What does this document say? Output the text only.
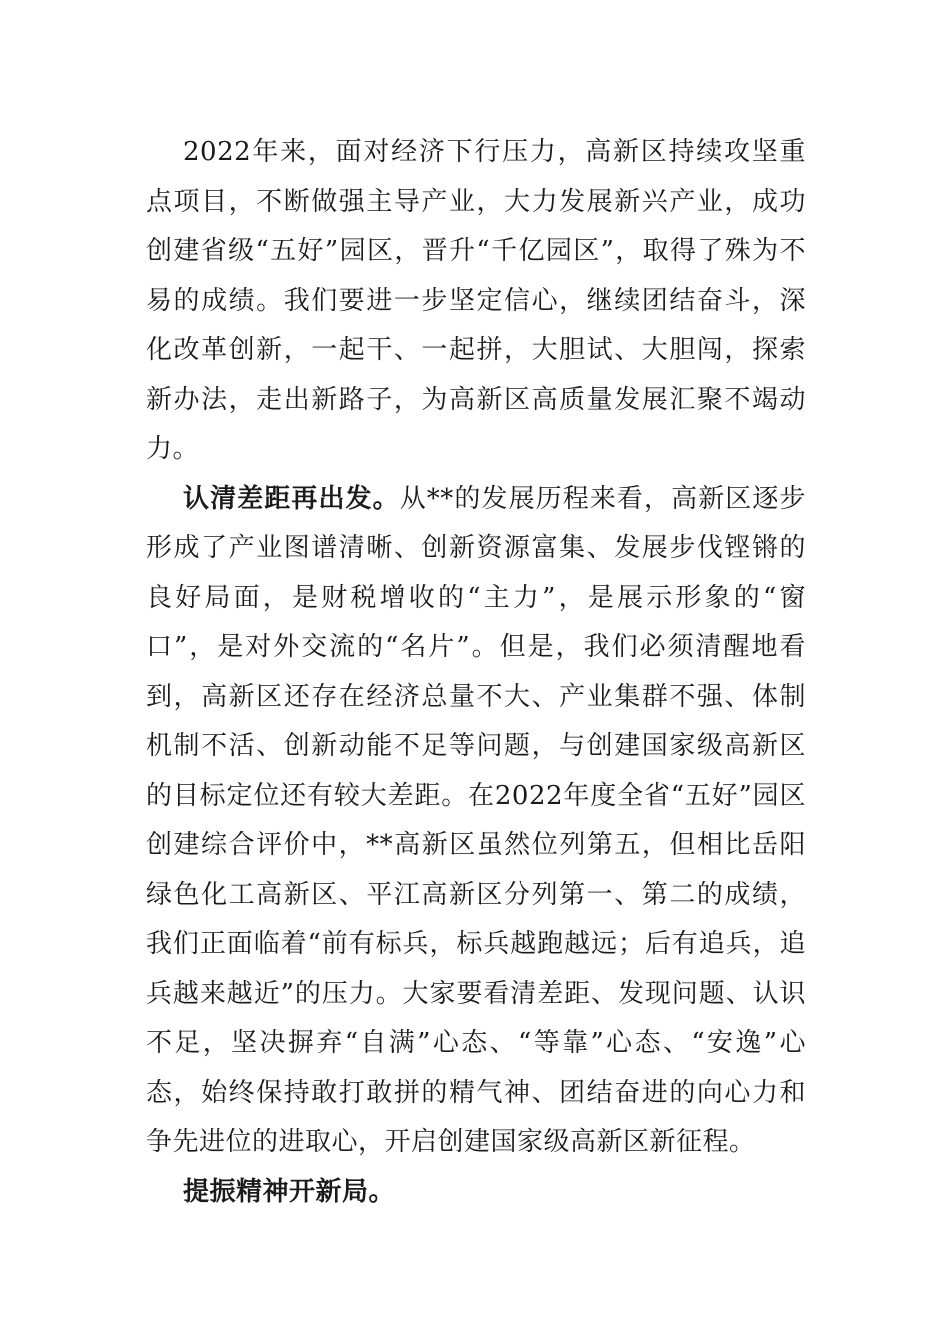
2022年来，面对经济下行压力，高新区持续攻坚重点项目，不断做强主导产业，大力发展新兴产业，成功创建省级“五好”园区，晋升“千亿园区”，取得了殊为不易的成绩。我们要进一步坚定信心，继续团结奋斗，深化改革创新，一起干、一起拼，大胆试、大胆闯，探索新办法，走出新路子，为高新区高质量发展汇聚不竭动力。

认清差距再出发。从**的发展历程来看，高新区逐步形成了产业图谱清晰、创新资源富集、发展步伐铿锵的良好局面，是财税增收的“主力”，是展示形象的“窗口”，是对外交流的“名片”。但是，我们必须清醒地看到，高新区还存在经济总量不大、产业集群不强、体制机制不活、创新动能不足等问题，与创建国家级高新区的目标定位还有较大差距。在2022年度全省“五好”园区创建综合评价中，**高新区虽然位列第五，但相比岳阳绿色化工高新区、平江高新区分列第一、第二的成绩，我们正面临着“前有标兵，标兵越跑越远；后有追兵，追兵越来越近”的压力。大家要看清差距、发现问题、认识不足，坚决摒弃“自满”心态、“等靠”心态、“安逸”心态，始终保持敢打敢拼的精气神、团结奋进的向心力和争先进位的进取心，开启创建国家级高新区新征程。

提振精神开新局。
